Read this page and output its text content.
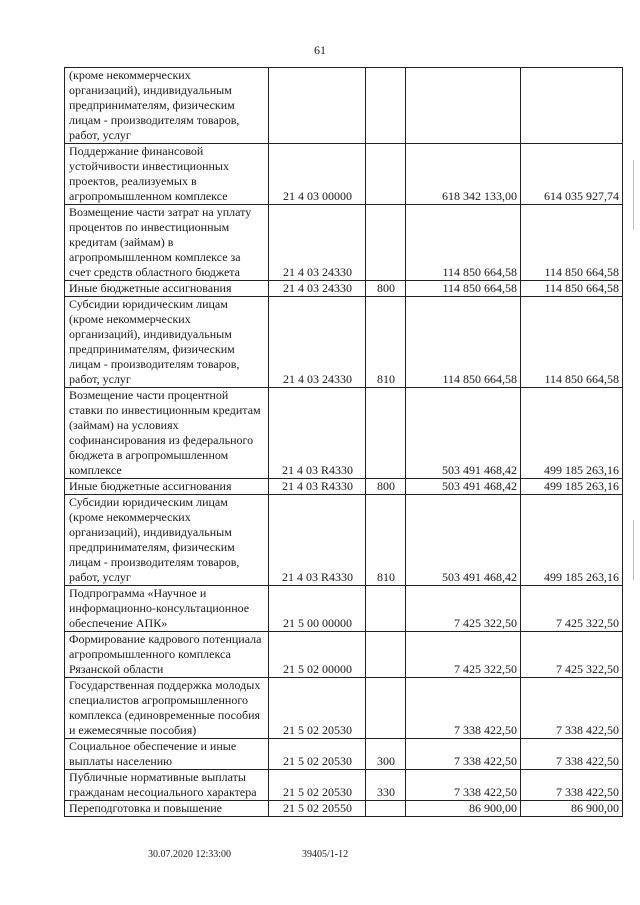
61
(кроме некоммерческих организаций), индивидуальным предпринимателям, физическим лицам - производителям товаров, работ, услуг				
Поддержание финансовой устойчивости инвестиционных проектов, реализуемых в агропромышленном комплексе	21 4 03 00000		618 342 133,00	614 035 927,74
Возмещение части затрат на уплату процентов по инвестиционным кредитам (займам) в агропромышленном комплексе за счет средств областного бюджета	21 4 03 24330		114 850 664,58	114 850 664,58
Иные бюджетные ассигнования	21 4 03 24330	800	114 850 664,58	114 850 664,58
Субсидии юридическим лицам (кроме некоммерческих организаций), индивидуальным предпринимателям, физическим лицам - производителям товаров, работ, услуг	21 4 03 24330	810	114 850 664,58	114 850 664,58
Возмещение части процентной ставки по инвестиционным кредитам (займам) на условиях софинансирования из федерального бюджета в агропромышленном комплексе	21 4 03 R4330		503 491 468,42	499 185 263,16
Иные бюджетные ассигнования	21 4 03 R4330	800	503 491 468,42	499 185 263,16
Субсидии юридическим лицам (кроме некоммерческих организаций), индивидуальным предпринимателям, физическим лицам - производителям товаров, работ, услуг	21 4 03 R4330	810	503 491 468,42	499 185 263,16
Подпрограмма «Научное и информационно-консультационное обеспечение АПК»	21 5 00 00000		7 425 322,50	7 425 322,50
Формирование кадрового потенциала агропромышленного комплекса Рязанской области	21 5 02 00000		7 425 322,50	7 425 322,50
Государственная поддержка молодых специалистов агропромышленного комплекса (единовременные пособия и ежемесячные пособия)	21 5 02 20530		7 338 422,50	7 338 422,50
Социальное обеспечение и иные выплаты населению	21 5 02 20530	300	7 338 422,50	7 338 422,50
Публичные нормативные выплаты гражданам несоциального характера	21 5 02 20530	330	7 338 422,50	7 338 422,50
Переподготовка и повышение	21 5 02 20550		86 900,00	86 900,00
30.07.2020 12:33:00	39405/1-12
